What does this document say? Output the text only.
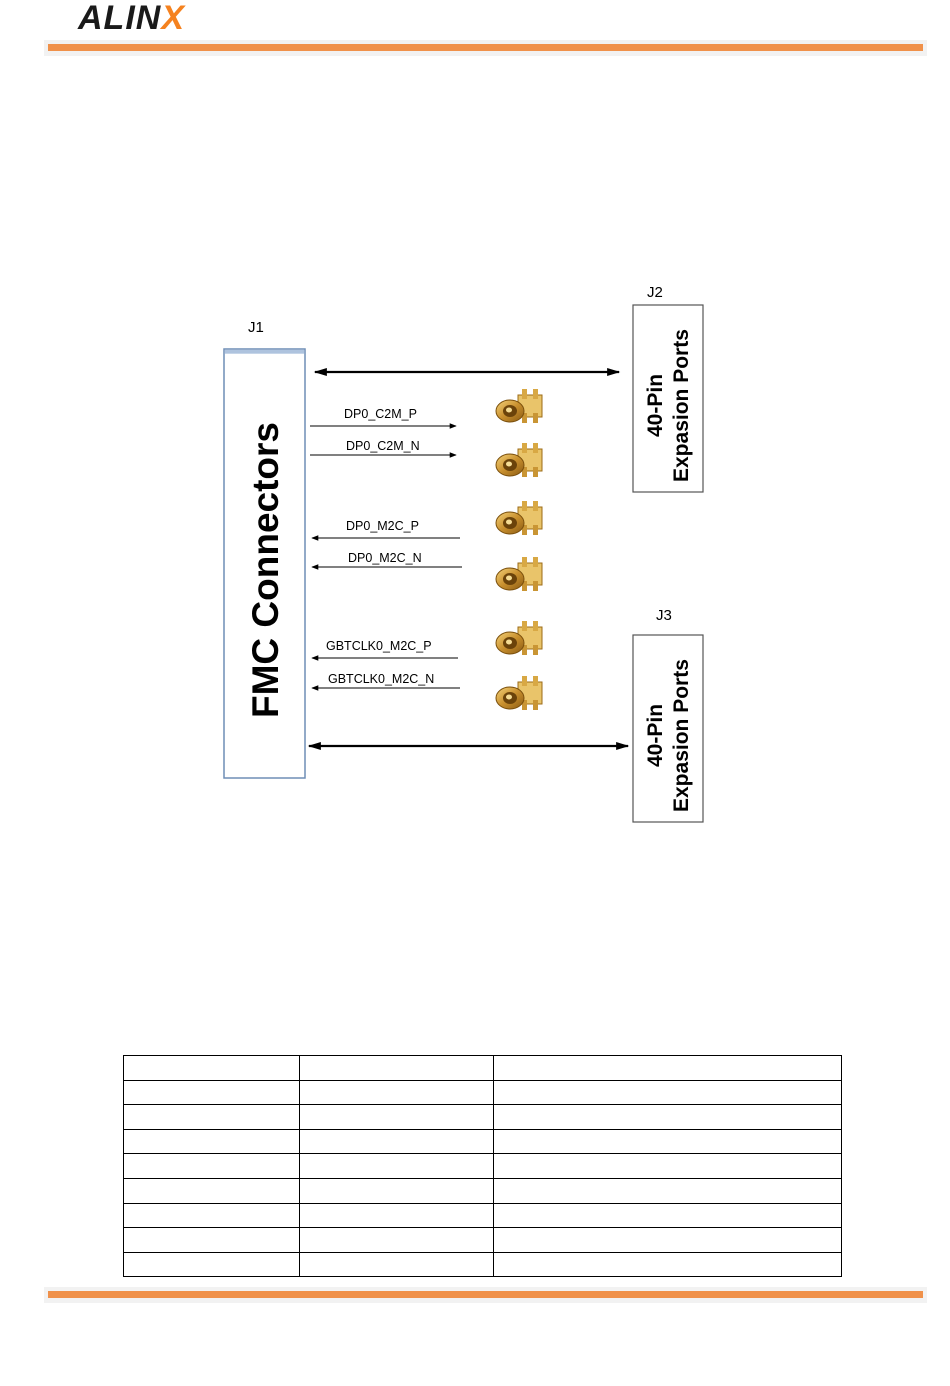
ALINX
J1
FMC Connectors
J2
40-Pin Expasion Ports
J3
40-Pin Expasion Ports
DP0_C2M_P
DP0_C2M_N
DP0_M2C_P
DP0_M2C_N
GBTCLK0_M2C_P
GBTCLK0_M2C_N
